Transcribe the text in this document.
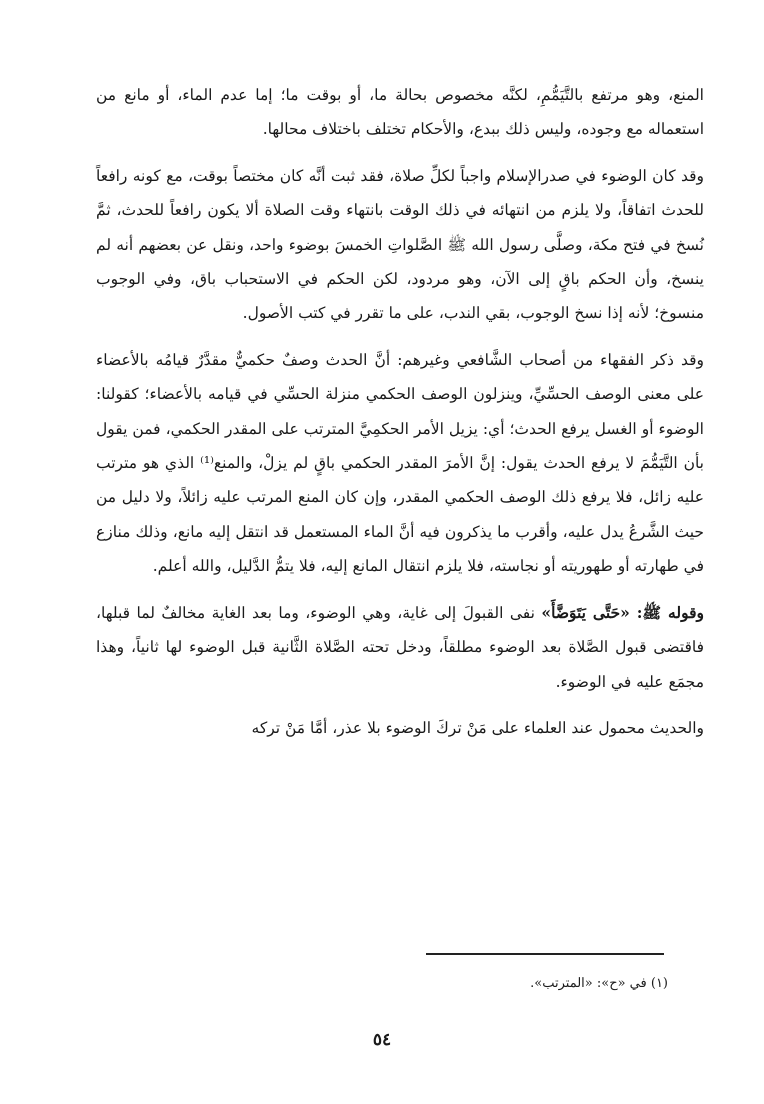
المنع، وهو مرتفع بالتَّيَمُّمِ، لكنَّه مخصوص بحالة ما، أو بوقت ما؛ إما عدم الماء، أو مانع من استعماله مع وجوده، وليس ذلك ببدع، والأحكام تختلف باختلاف محالها.

وقد كان الوضوء في صدرالإسلام واجباً لكلِّ صلاة، فقد ثبت أنَّه كان مختصاً بوقت، مع كونه رافعاً للحدث اتفاقاً، ولا يلزم من انتهائه في ذلك الوقت بانتهاء وقت الصلاة ألا يكون رافعاً للحدث، ثمَّ نُسخ في فتح مكة، وصلَّى رسول الله ﷺ الصَّلواتِ الخمسَ بوضوء واحد، ونقل عن بعضهم أنه لم ينسخ، وأن الحكم باقٍ إلى الآن، وهو مردود، لكن الحكم في الاستحباب باق، وفي الوجوب منسوخ؛ لأنه إذا نسخ الوجوب، بقي الندب، على ما تقرر في كتب الأصول.

وقد ذكر الفقهاء من أصحاب الشَّافعي وغيرهم: أنَّ الحدث وصفٌ حكميٌّ مقدَّرٌ قيامُه بالأعضاء على معنى الوصف الحسِّيِّ، وينزلون الوصف الحكمي منزلة الحسِّي في قيامه بالأعضاء؛ كقولنا: الوضوء أو الغسل يرفع الحدث؛ أي: يزيل الأمر الحكمِيَّ المترتب على المقدر الحكمي، فمن يقول بأن التَّيَمُّمَ لا يرفع الحدث يقول: إنَّ الأمرَ المقدر الحكمي باقٍ لم يزلْ، والمنع⁽¹⁾ الذي هو مترتب عليه زائل، فلا يرفع ذلك الوصف الحكمي المقدر، وإن كان المنع المرتب عليه زائلاً، ولا دليل من حيث الشَّرعُ يدل عليه، وأقرب ما يذكرون فيه أنَّ الماء المستعمل قد انتقل إليه مانع، وذلك منازع في طهارته أو طهوريته أو نجاسته، فلا يلزم انتقال المانع إليه، فلا يتمُّ الدَّليل، والله أعلم.

وقوله ﷺ: «حَتَّى يَتَوَضَّأَ» نفى القبولَ إلى غاية، وهي الوضوء، وما بعد الغاية مخالفٌ لما قبلها، فاقتضى قبول الصَّلاة بعد الوضوء مطلقاً، ودخل تحته الصَّلاة الثَّانية قبل الوضوء لها ثانياً، وهذا مجمَع عليه في الوضوء.

والحديث محمول عند العلماء على مَنْ تركَ الوضوء بلا عذر، أمَّا مَنْ تركه

(١) في «ح»: «المترتب».
٥٤
